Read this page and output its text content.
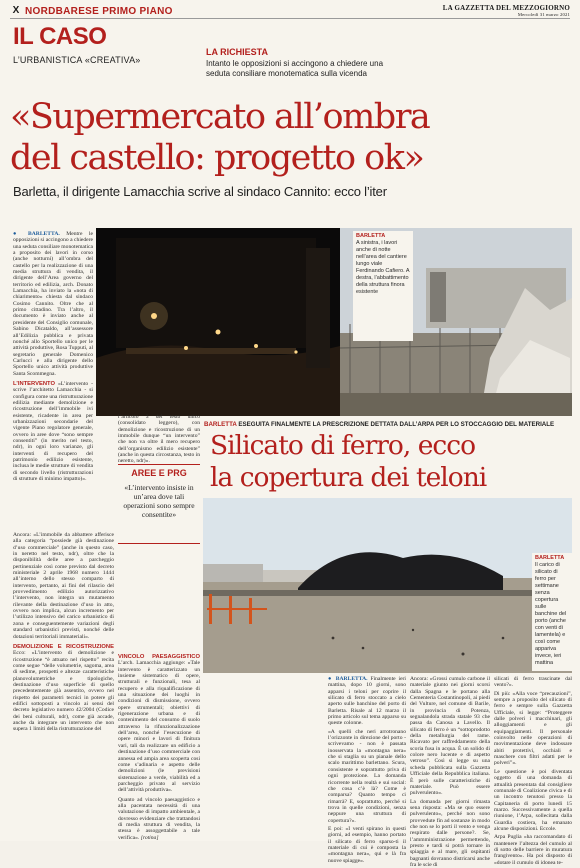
X NORDBARESE PRIMO PIANO	LA GAZZETTA DEL MEZZOGIORNO
Mercoledì 31 marzo 2021
IL CASO
L’URBANISTICA «CREATIVA»
LA RICHIESTA
Intanto le opposizioni si accingono a chiedere una seduta consiliare monotematica sulla vicenda
«Supermercato all’ombra
del castello: progetto ok»
Barletta, il dirigente Lamacchia scrive al sindaco Cannito: ecco l’iter
BARLETTA
A sinistra, i lavori anche di notte nell’area del cantiere lungo viale Ferdinando Cafiero. A destra, l’abbattimento della struttura finora esistente
BARLETTA
Il carico di silicato di ferro per settimane senza copertura sulle banchine del porto (anche con venti di lamentela) e così come appariva invece, ieri mattina

● BARLETTA. Mentre le opposizioni si accingono a chiedere una seduta consiliare monotematica a proposito dei lavori in corso (anche notturni) all’ombra del castello per la realizzazione di una media struttura di vendita, il dirigente dell’Area governo del territorio ed edilizia, arch. Donato Lamacchia, ha inviato la «nota di chiarimento» chiesta dal sindaco Cosimo Cannito. Oltre che al primo cittadino. Tra l’altro, il documento è inviato anche al presidente del Consiglio comunale, Sabino Dicataldo, all’assessore all’Edilizia pubblica e privata nonché allo Sportello unico per le attività produttive, Rosa Tupputi, al segretario generale Domenico Carlucci e alla dirigente dello Sportello unico attività produttive Santa Scommegna.

L’INTERVENTO «L’intervento - scrive l’architetto Lamacchia - si configura come una ristrutturazione edilizia mediante demolizione e ricostruzione dell’immobile ivi esistente, ricadente in area per urbanizzazioni secondarie del vigente Piano regolatore generale, ovvero in aree dove “sono sempre consentiti” (in merito nel testo, ndr), in ogni loro varianze, gli interventi di recupero del patrimonio edilizio esistente, inclusa le medie strutture di vendita di secondo livello (ristrutturazioni di strutture di minimo impatto)».

Ancora: «L’immobile da abbattere afferisce alla categoria “possiede già destinazione d’uso commerciale” (anche in questo caso, in neretto nel testo, ndr), oltre che la disponibilità delle aree a parcheggio pertinenziale così come previsto dal decreto ministeriale 2 aprile 1968 numero 1444 all’interno dello stesso comparto di intervento, pertanto, ai fini del rilascio del provvedimento edilizio autorizzativo l’intervento, non integra un mutamento rilevante della destinazione d’uso in atto, ovvero non implica, alcun incremento per l’utilizzo intensivo del carico urbanistico di zona e conseguentemente variazioni degli standard urbanistici previsti, nonché delle dotazioni territoriali immateriali».

DEMOLIZIONE E RICOSTRUZIONE Ecco: «L’intervento di demolizione e ricostruzione “è attuato nel rispetto” recita come segue “delle volumetrie, sagoma, area di sedime, prospetti e altezze caratteristiche planovolumetriche e tipologiche, destinazione d’uso superficie di quello precedentemente già assentito, ovvero nel rispetto dei parametri tecnici in potere gli edifici sottoposti a vincolo ai sensi del decreto legislativo numero 42/2004 (Codice dei beni culturali, ndr), come già accade, anche da integrare un intervento che non supera 1 limiti della ristrutturazione del

l’articolo 3 del testo unico (consolidato leggero), con demolizione e ricostruzione di un immobile dunque “un intervento” che non va oltre il mero recupero dell’organismo edilizio esistente” (anche in questa circostanza, testo in neretto, ndr)».

AREE E PRG
«L’intervento insiste in un’area dove tali operazioni sono sempre consentite»

VINCOLO PAESAGGISTICO L’arch. Lamacchia aggiunge: «Tale intervento è caratterizzato un insieme sistematico di opere, strutturali e funzionali, tesa al recupero e alla riqualificazione di una situazione dei luoghi in condizioni di dismissione, ovvero opere strumentali; obiettivi di rigenerazione urbana e di contenimento del consumo di suolo attraverso la rifunzionalizzazione dell’area, nonché l’esecuzione di opere minori e lavori di finitura vari, tali da realizzare un edificio a destinazione d’uso commerciale con annessa ed ampia area scoperta cosi come s’adinaria e aspetto delle demolizioni (le previsioni sistemazione a verde, viabilità ed a parcheggio privato al servizio dell’attività produttiva».

Quanto ad vincolo paesaggistico e alla pacentata necessità di una valutazione di impatto ambientale, a dovresso evidenziare che trattandosi di media struttura di vendita, la stessa è assoggettabile a tale verifica». [rotina]

BARLETTA ESEGUITA FINALMENTE LA PRESCRIZIONE DETTATA DALL’ARPA PER LO STOCCAGGIO DEL MATERIALE
Silicato di ferro, ecco
la copertura dei teloni

● BARLETTA. Finalmente ieri mattina, dopo 10 giorni, sono apparsi i teloni per coprire il silicato di ferro stoccato a cielo aperto sulle banchine del porto di Barletta. Risale al 12 marzo il primo articolo sul tema apparso su queste colonne.

«A quelli che neri arrotronano l’orizzonte in direzione del porto - scrivevamo - non è passata inosservata la «montagna nera» che si staglia su un pianale dello scalo marittimo barlettano. Scura, consistente e soprattutto priva di ogni protezione. La domanda ricorrente nella realtà e sui social: che cosa c’è là? Come è comparsa? Quanto tempo ci rimarrà? E, soprattutto, perché si trova in quelle condizioni, senza neppure una struttura di copertura?».

E poi: «I venti spirano in questi giorni, ad esempio, hanno portato il silicato di ferro sparso-ti il materiale di cui è composta la «montagna nera», qui e là fra nuove spiagge».

Ancora: «Grossi cumulo carbone il materiale giunto nei giorni scorsi dalla Spagna e le portano alla Cementeria Costantinopoli, ai piedi del Vulture, nel comune di Barile, in provincia di Potenza, segnalandola strada statale 93 che passa da Canosa a Lavello. Il silicato di ferro è un “sottoprodotto della metallurgia del rame. Ricavato per raffreddamento della scoria fusa in acqua. È un solido di colore nero lucente e di aspetto vetroso”. Così si legge su una scheda pubblicata sulla Gazzetta Ufficiale della Repubblica italiana. È però sulle caratteristiche di materiale. Può essere pulverulento».

La domanda per giorni rimasta sena risposta: «Ma se quo essere pulverulento», perché non sono provvedute fin ad sostanze in modo che non se lo porti il vento e venga respirato dalle persone?. Se, l’ammministrazione permettendo, presto e tardi si potrà tornare in spiaggia e al mare, gli ospitanti bagnanti dovranno districarsi anche fra le scie di

silicati di ferro trascinate dal vento?».

Di più: «Alla voce “precauzioni”, sempre a proposito del silicato di ferro e sempre sulla Gazzetta Ufficiale, si legge: “Proteggere dalle polveri i macchinari, gli alloggiamenti e gli equipaggiamenti. Il personale coinvolto nelle operazioni di movimentazione deve indossare abiti protettivi, occhiali e maschere con filtri adatti per le polveri”».

Le questione è poi diventata oggetto di una domanda di attualità presentata dal consigliere comunale di Coalizione civica e di un incontro tenutosi presso la Capitaneria di porto lunedì 15 marzo. Successivamente a quella riunione, l’Arpa, sollecitata dalla Guardia costiera, ha emanato alcune disposizioni. Eccole.

Arpa Puglia «ha raccomandato di mantenere l’altezza del cumulo al di sotto delle barriere in muratura frangivento». Ha poi disposto di «dotare il cumulo di idonea te-
